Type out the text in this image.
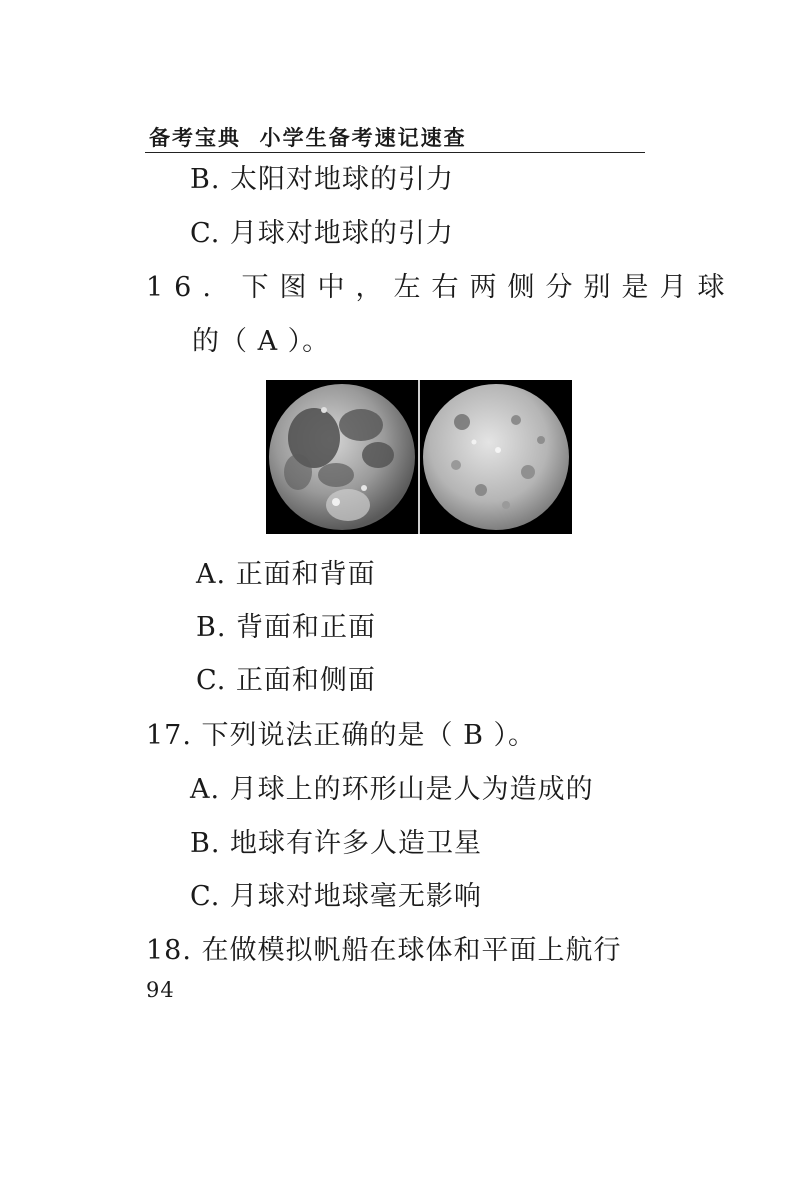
备考宝典  小学生备考速记速查
B. 太阳对地球的引力
C. 月球对地球的引力
16. 下图中，左右两侧分别是月球
的（ A ）。
A. 正面和背面
B. 背面和正面
C. 正面和侧面
17. 下列说法正确的是（ B ）。
A. 月球上的环形山是人为造成的
B. 地球有许多人造卫星
C. 月球对地球毫无影响
18. 在做模拟帆船在球体和平面上航行
94
